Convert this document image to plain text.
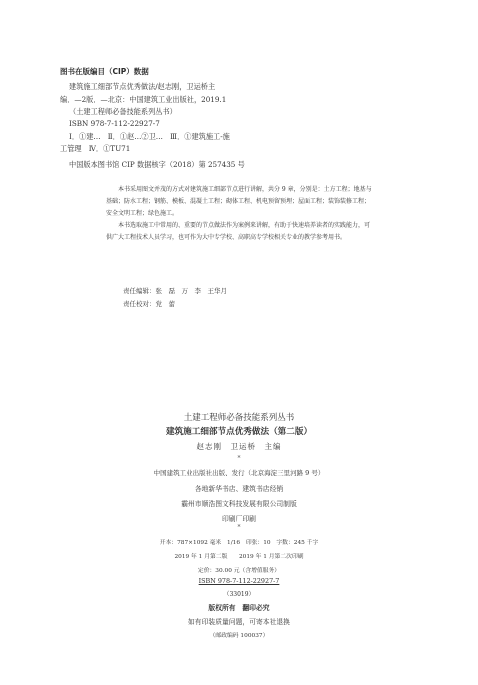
图书在版编目（CIP）数据
建筑施工细部节点优秀做法/赵志刚，卫运桥主
编．—2版．—北京：中国建筑工业出版社，2019.1
（土建工程师必备技能系列丛书）
ISBN 978-7-112-22927-7
Ⅰ．①建…　Ⅱ．①赵…②卫…　Ⅲ．①建筑施工-施
工管理　Ⅳ．①TU71
中国版本图书馆 CIP 数据核字（2018）第 257435 号

本书采用图文并茂的方式对建筑施工细部节点进行讲解，共分 9 章，分别是：土方工程；地基与基础；防水工程；钢筋、模板、混凝土工程；砌体工程、机电预留预埋；屋面工程；装饰装修工程；安全文明工程；绿色施工。

本书选取施工中常用的、重要的节点做法作为案例来讲解，有助于快速培养读者的实践能力，可供广大工程技术人员学习，也可作为大中专学校、高职高专学校相关专业的教学参考用书。

责任编辑：张　磊　万　李　王华月
责任校对：党　蕾
土建工程师必备技能系列丛书
建筑施工细部节点优秀做法（第二版）
赵志刚　卫运桥　主编
*
中国建筑工业出版社出版、发行（北京海淀三里河路 9 号）
各地新华书店、建筑书店经销
霸州市顺浩图文科技发展有限公司制版
印刷厂印刷
*
开本：787×1092 毫米　1/16　印张：10　字数：245 千字
2019 年 1 月第二版　　2019 年 1 月第二次印刷
定价：30.00 元（含增值服务）
ISBN 978-7-112-22927-7
（33019）
版权所有　翻印必究
如有印装质量问题，可寄本社退换
（邮政编码 100037）
